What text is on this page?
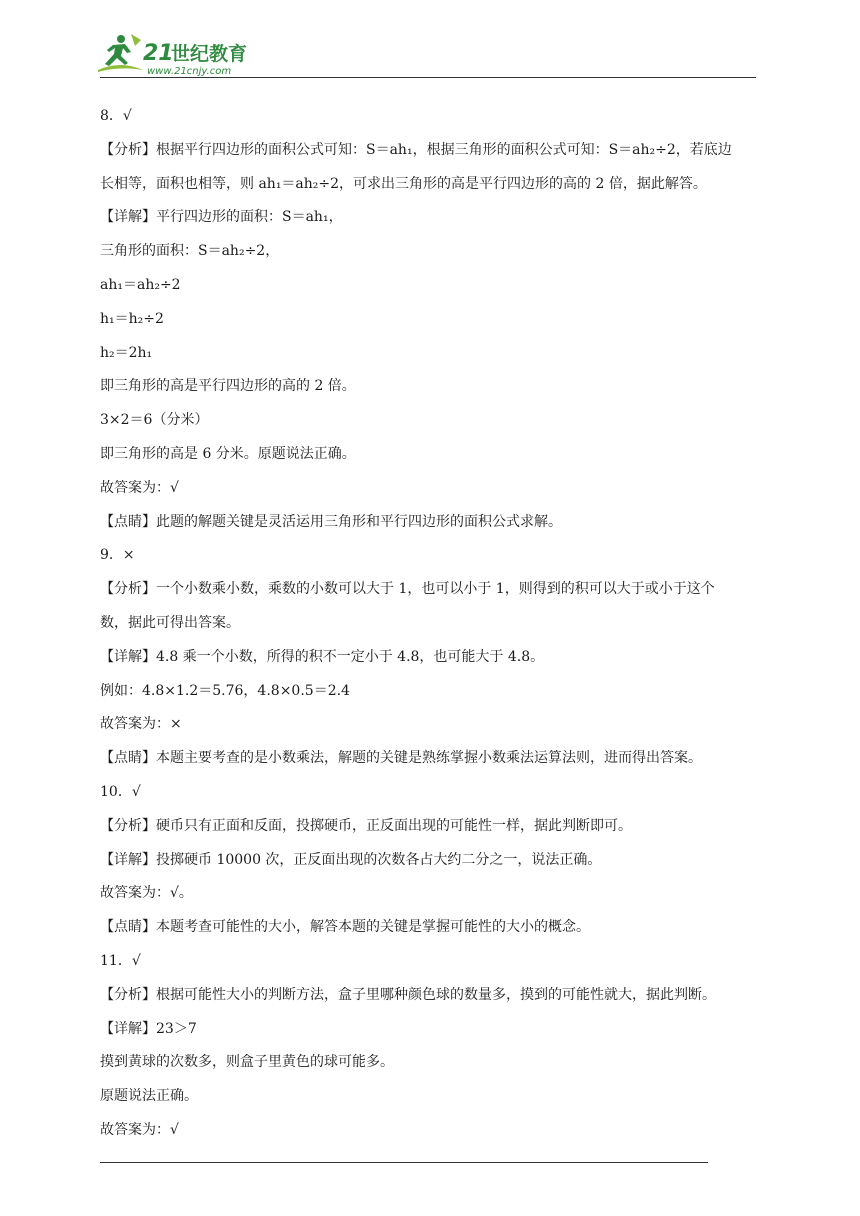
21
世纪教育
www.21cnjy.com
8．√
【分析】根据平行四边形的面积公式可知：S＝ah₁，根据三角形的面积公式可知：S＝ah₂÷2，若底边
长相等，面积也相等，则 ah₁＝ah₂÷2，可求出三角形的高是平行四边形的高的 2 倍，据此解答。
【详解】平行四边形的面积：S＝ah₁，
三角形的面积：S＝ah₂÷2，
ah₁＝ah₂÷2
h₁＝h₂÷2
h₂＝2h₁
即三角形的高是平行四边形的高的 2 倍。
3×2＝6（分米）
即三角形的高是 6 分米。原题说法正确。
故答案为：√
【点睛】此题的解题关键是灵活运用三角形和平行四边形的面积公式求解。
9．×
【分析】一个小数乘小数，乘数的小数可以大于 1，也可以小于 1，则得到的积可以大于或小于这个
数，据此可得出答案。
【详解】4.8 乘一个小数，所得的积不一定小于 4.8，也可能大于 4.8。
例如：4.8×1.2＝5.76，4.8×0.5＝2.4
故答案为：×
【点睛】本题主要考查的是小数乘法，解题的关键是熟练掌握小数乘法运算法则，进而得出答案。
10．√
【分析】硬币只有正面和反面，投掷硬币，正反面出现的可能性一样，据此判断即可。
【详解】投掷硬币 10000 次，正反面出现的次数各占大约二分之一，说法正确。
故答案为：√。
【点睛】本题考查可能性的大小，解答本题的关键是掌握可能性的大小的概念。
11．√
【分析】根据可能性大小的判断方法，盒子里哪种颜色球的数量多，摸到的可能性就大，据此判断。
【详解】23＞7
摸到黄球的次数多，则盒子里黄色的球可能多。
原题说法正确。
故答案为：√
